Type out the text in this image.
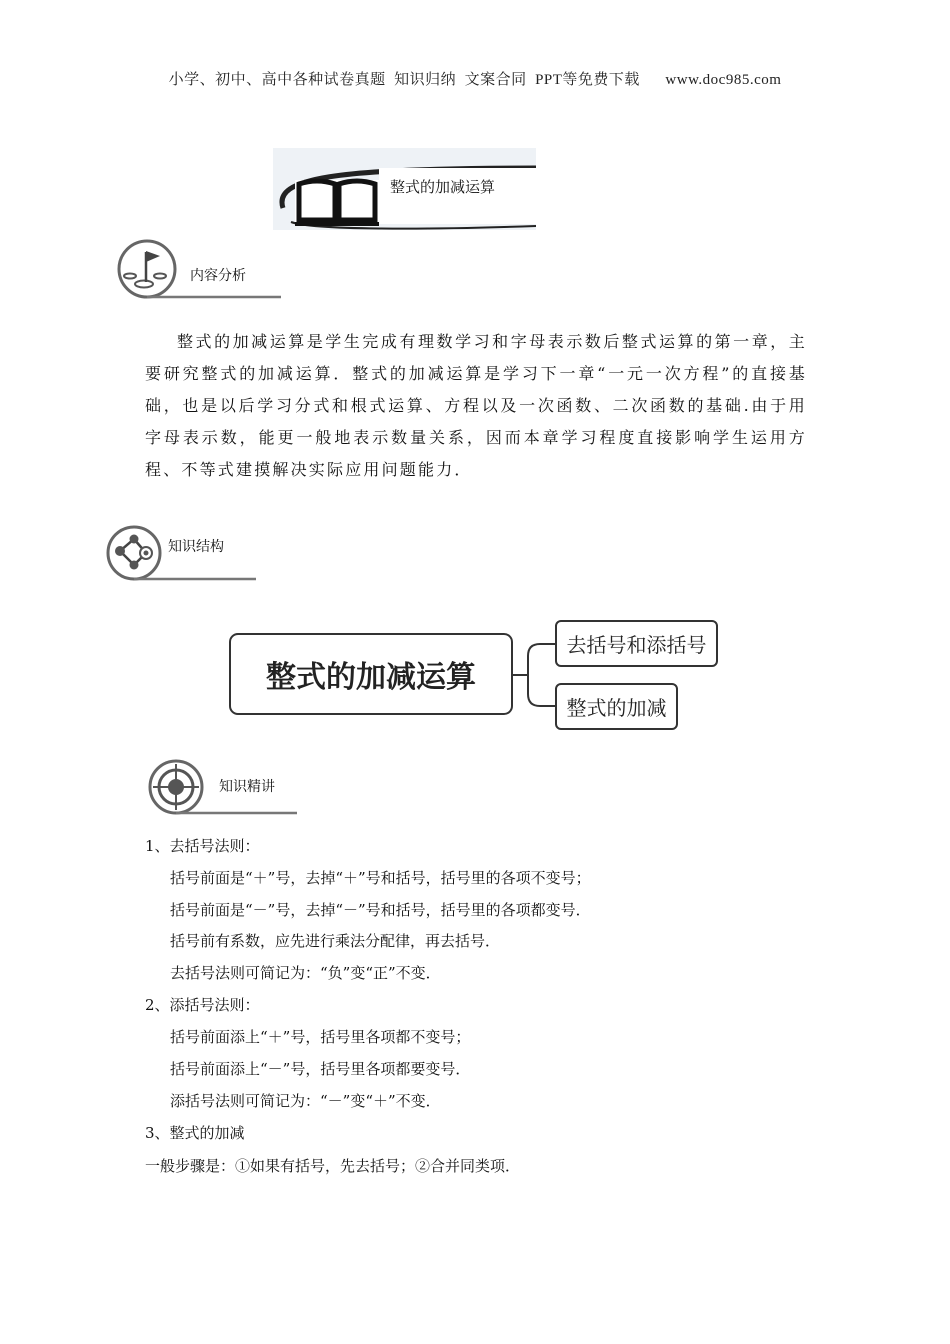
小学、初中、高中各种试卷真题  知识归纳  文案合同  PPT等免费下载      www.doc985.com
整式的加减运算
内容分析

整式的加减运算是学生完成有理数学习和字母表示数后整式运算的第一章，主要研究整式的加减运算．整式的加减运算是学习下一章“一元一次方程”的直接基础，也是以后学习分式和根式运算、方程以及一次函数、二次函数的基础.由于用字母表示数，能更一般地表示数量关系，因而本章学习程度直接影响学生运用方程、不等式建摸解决实际应用问题能力．

知识结构
整式的加减运算
去括号和添括号
整式的加减
知识精讲
1、去括号法则：
括号前面是“＋”号，去掉“＋”号和括号，括号里的各项不变号；
括号前面是“－”号，去掉“－”号和括号，括号里的各项都变号．
括号前有系数，应先进行乘法分配律，再去括号．
去括号法则可简记为：“负”变“正”不变．
2、添括号法则：
括号前面添上“＋”号，括号里各项都不变号；
括号前面添上“－”号，括号里各项都要变号．
添括号法则可简记为：“－”变“＋”不变．
3、整式的加减
一般步骤是：①如果有括号，先去括号；②合并同类项．
